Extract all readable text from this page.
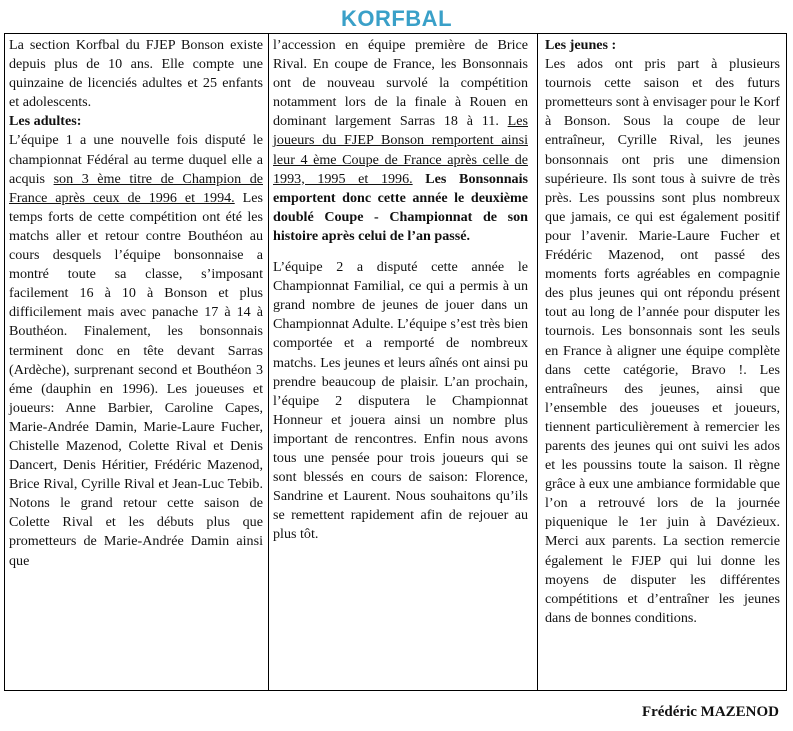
KORFBAL

La section Korfbal du FJEP Bonson existe depuis plus de 10 ans. Elle compte une quinzaine de licenciés adultes et 25 enfants et adolescents.

Les adultes:

L’équipe 1 a une nouvelle fois disputé le championnat Fédéral au terme duquel elle a acquis son 3 ème titre de Champion de France après ceux de 1996 et 1994. Les temps forts de cette compétition ont été les matchs aller et retour contre Bouthéon au cours desquels l’équipe bonsonnaise a montré toute sa classe, s’imposant facilement 16 à 10 à Bonson et plus difficilement mais avec panache 17 à 14 à Bouthéon. Finalement, les bonsonnais terminent donc en tête devant Sarras (Ardèche), surprenant second et Bouthéon 3 éme (dauphin en 1996). Les joueuses et joueurs: Anne Barbier, Caroline Capes, Marie-Andrée Damin, Marie-Laure Fucher, Chistelle Mazenod, Colette Rival et Denis Dancert, Denis Héritier, Frédéric Mazenod, Brice Rival, Cyrille Rival et Jean-Luc Tebib. Notons le grand retour cette saison de Colette Rival et les débuts plus que prometteurs de Marie-Andrée Damin ainsi que

l’accession en équipe première de Brice Rival. En coupe de France, les Bonsonnais ont de nouveau survolé la compétition notamment lors de la finale à Rouen en dominant largement Sarras 18 à 11. Les joueurs du FJEP Bonson remportent ainsi leur 4 ème Coupe de France après celle de 1993, 1995 et 1996. Les Bonsonnais emportent donc cette année le deuxième doublé Coupe - Championnat de son histoire après celui de l’an passé.

L’équipe 2 a disputé cette année le Championnat Familial, ce qui a permis à un grand nombre de jeunes de jouer dans un Championnat Adulte. L’équipe s’est très bien comportée et a remporté de nombreux matchs. Les jeunes et leurs aînés ont ainsi pu prendre beaucoup de plaisir. L’an prochain, l’équipe 2 disputera le Championnat Honneur et jouera ainsi un nombre plus important de rencontres. Enfin nous avons tous une pensée pour trois joueurs qui se sont blessés en cours de saison: Florence, Sandrine et Laurent. Nous souhaitons qu’ils se remettent rapidement afin de rejouer au plus tôt.

Les jeunes :

Les ados ont pris part à plusieurs tournois cette saison et des futurs prometteurs sont à envisager pour le Korf à Bonson. Sous la coupe de leur entraîneur, Cyrille Rival, les jeunes bonsonnais ont pris une dimension supérieure. Ils sont tous à suivre de très près. Les poussins sont plus nombreux que jamais, ce qui est également positif pour l’avenir. Marie-Laure Fucher et Frédéric Mazenod, ont passé des moments forts agréables en compagnie des plus jeunes qui ont répondu présent tout au long de l’année pour disputer les tournois. Les bonsonnais sont les seuls en France à aligner une équipe complète dans cette catégorie, Bravo !. Les entraîneurs des jeunes, ainsi que l’ensemble des joueuses et joueurs, tiennent particulièrement à remercier les parents des jeunes qui ont suivi les ados et les poussins toute la saison. Il règne grâce à eux une ambiance formidable que l’on a retrouvé lors de la journée piquenique le 1er juin à Davézieux. Merci aux parents. La section remercie également le FJEP qui lui donne les moyens de disputer les différentes compétitions et d’entraîner les jeunes dans de bonnes conditions.

Frédéric MAZENOD
